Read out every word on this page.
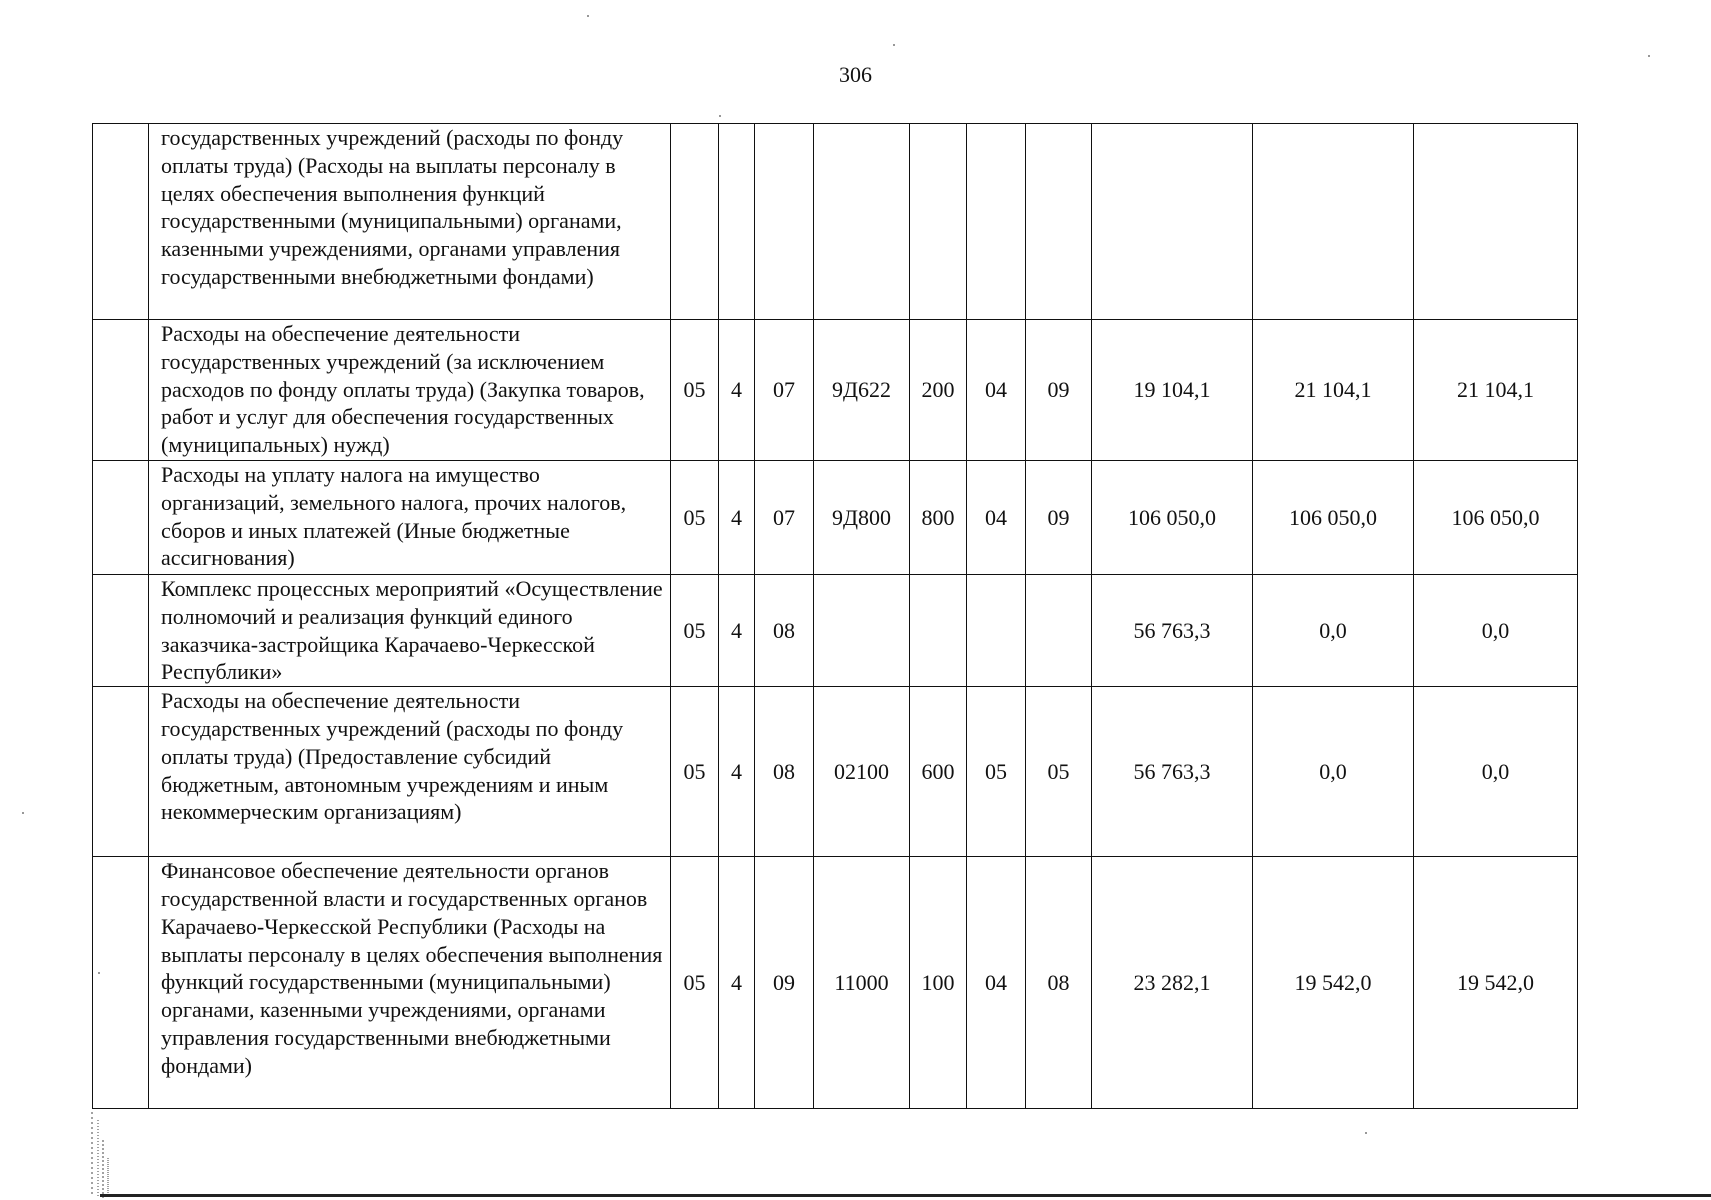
306
	государственных учреждений (расходы по фонду оплаты труда) (Расходы на выплаты персоналу в целях обеспечения выполнения функций государственными (муниципальными) органами, казенными учреждениями, органами управления государственными внебюджетными фондами)										
	Расходы на обеспечение деятельности государственных учреждений (за исключением расходов по фонду оплаты труда) (Закупка товаров, работ и услуг для обеспечения государственных (муниципальных) нужд)	05	4	07	9Д622	200	04	09	19 104,1	21 104,1	21 104,1
	Расходы на уплату налога на имущество организаций, земельного налога, прочих налогов, сборов и иных платежей (Иные бюджетные ассигнования)	05	4	07	9Д800	800	04	09	106 050,0	106 050,0	106 050,0
	Комплекс процессных мероприятий «Осуществление полномочий и реализация функций единого заказчика-застройщика Карачаево-Черкесской Республики»	05	4	08					56 763,3	0,0	0,0
	Расходы на обеспечение деятельности государственных учреждений (расходы по фонду оплаты труда) (Предоставление субсидий бюджетным, автономным учреждениям и иным некоммерческим организациям)	05	4	08	02100	600	05	05	56 763,3	0,0	0,0
	Финансовое обеспечение деятельности органов государственной власти и государственных органов Карачаево-Черкесской Республики (Расходы на выплаты персоналу в целях обеспечения выполнения функций государственными (муниципальными) органами, казенными учреждениями, органами управления государственными внебюджетными фондами)	05	4	09	11000	100	04	08	23 282,1	19 542,0	19 542,0
